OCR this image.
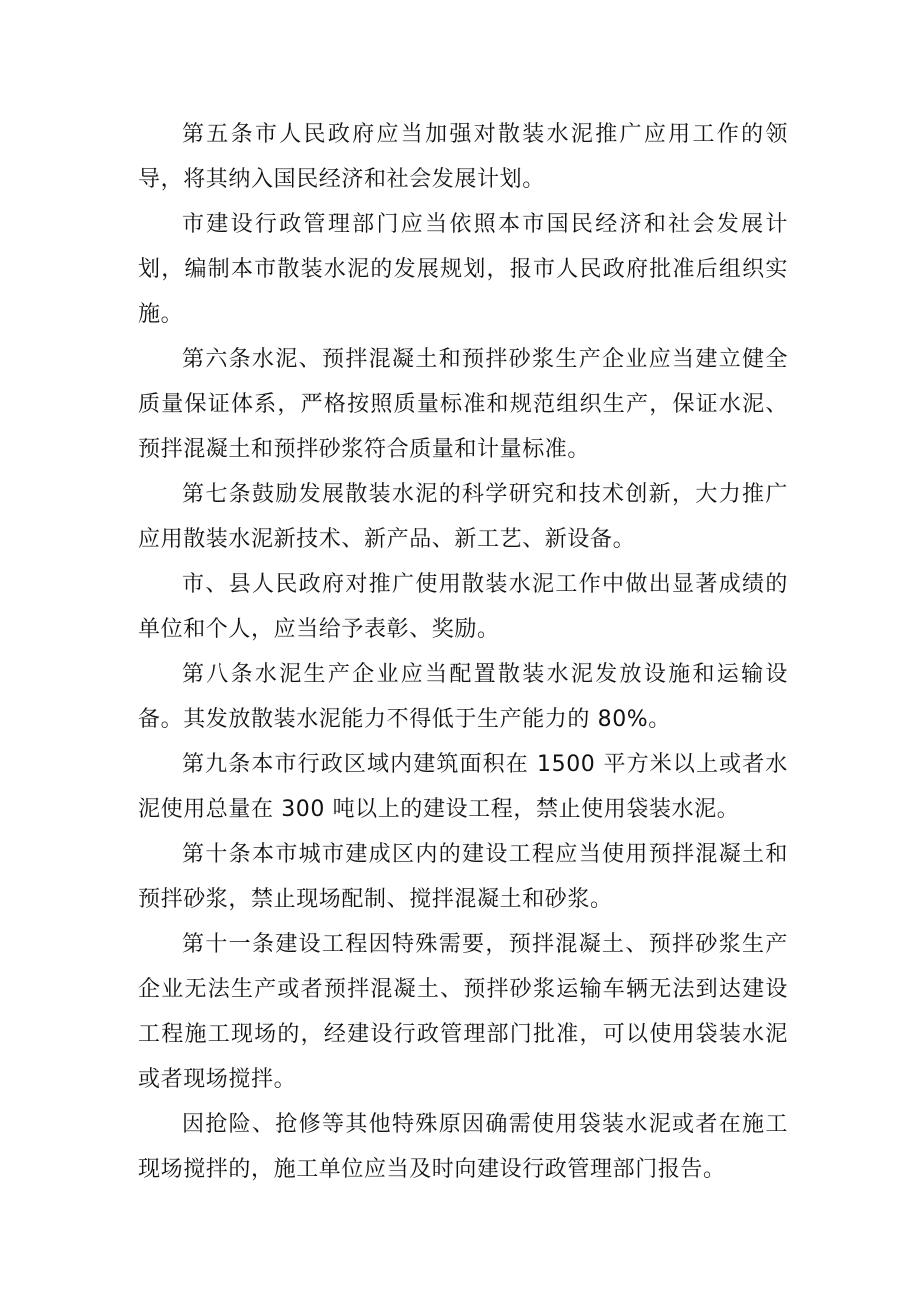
第五条市人民政府应当加强对散装水泥推广应用工作的领导，将其纳入国民经济和社会发展计划。

市建设行政管理部门应当依照本市国民经济和社会发展计划，编制本市散装水泥的发展规划，报市人民政府批准后组织实施。

第六条水泥、预拌混凝土和预拌砂浆生产企业应当建立健全质量保证体系，严格按照质量标准和规范组织生产，保证水泥、预拌混凝土和预拌砂浆符合质量和计量标准。

第七条鼓励发展散装水泥的科学研究和技术创新，大力推广应用散装水泥新技术、新产品、新工艺、新设备。

市、县人民政府对推广使用散装水泥工作中做出显著成绩的单位和个人，应当给予表彰、奖励。

第八条水泥生产企业应当配置散装水泥发放设施和运输设备。其发放散装水泥能力不得低于生产能力的 80%。

第九条本市行政区域内建筑面积在 1500 平方米以上或者水泥使用总量在 300 吨以上的建设工程，禁止使用袋装水泥。

第十条本市城市建成区内的建设工程应当使用预拌混凝土和预拌砂浆，禁止现场配制、搅拌混凝土和砂浆。

第十一条建设工程因特殊需要，预拌混凝土、预拌砂浆生产企业无法生产或者预拌混凝土、预拌砂浆运输车辆无法到达建设工程施工现场的，经建设行政管理部门批准，可以使用袋装水泥或者现场搅拌。

因抢险、抢修等其他特殊原因确需使用袋装水泥或者在施工现场搅拌的，施工单位应当及时向建设行政管理部门报告。
